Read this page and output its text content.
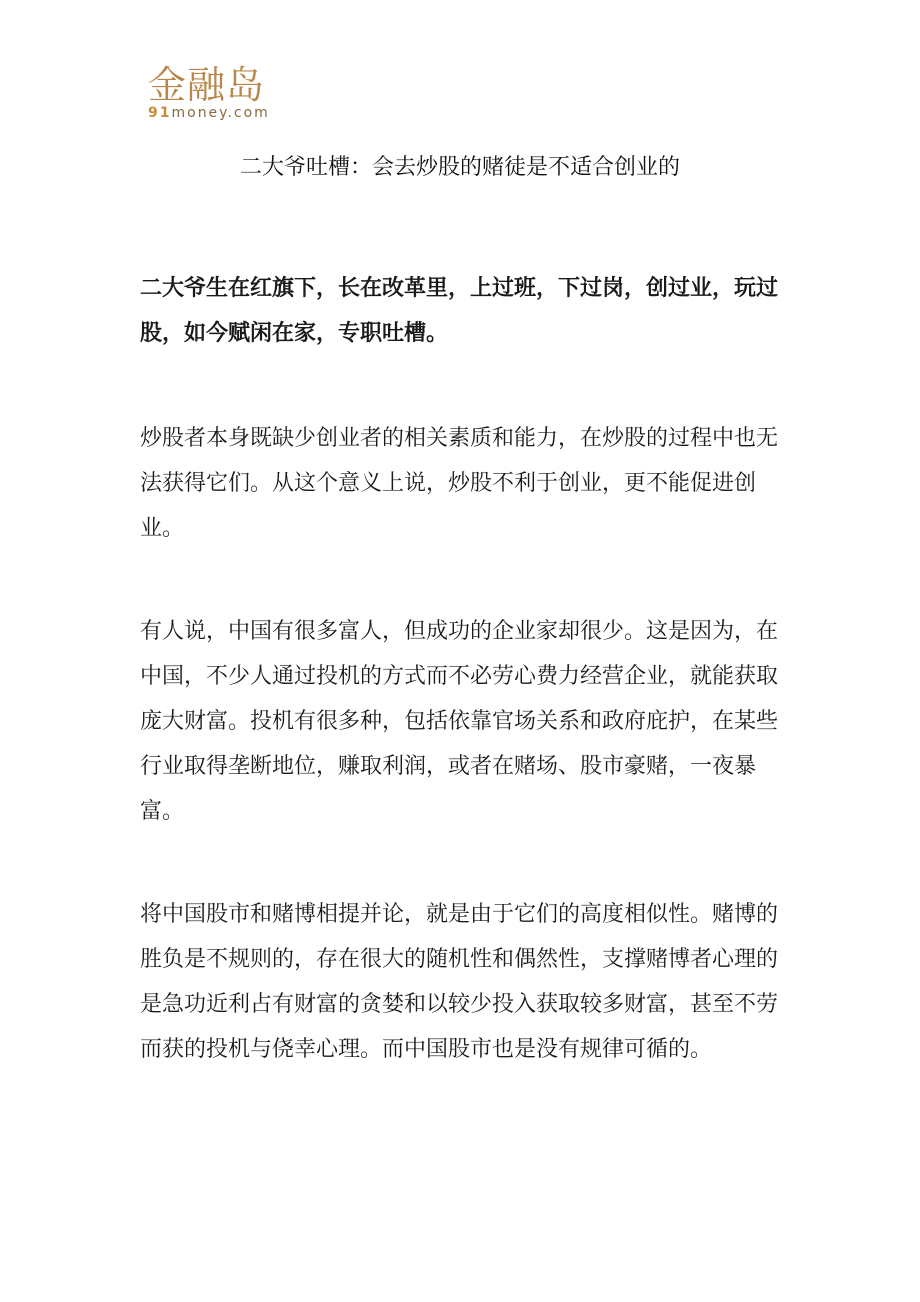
金融岛
91money.com
二大爷吐槽：会去炒股的赌徒是不适合创业的

二大爷生在红旗下，长在改革里，上过班，下过岗，创过业，玩过股，如今赋闲在家，专职吐槽。

炒股者本身既缺少创业者的相关素质和能力，在炒股的过程中也无法获得它们。从这个意义上说，炒股不利于创业，更不能促进创业。

有人说，中国有很多富人，但成功的企业家却很少。这是因为，在中国，不少人通过投机的方式而不必劳心费力经营企业，就能获取庞大财富。投机有很多种，包括依靠官场关系和政府庇护，在某些行业取得垄断地位，赚取利润，或者在赌场、股市豪赌，一夜暴富。

将中国股市和赌博相提并论，就是由于它们的高度相似性。赌博的胜负是不规则的，存在很大的随机性和偶然性，支撑赌博者心理的是急功近利占有财富的贪婪和以较少投入获取较多财富，甚至不劳而获的投机与侥幸心理。而中国股市也是没有规律可循的。
